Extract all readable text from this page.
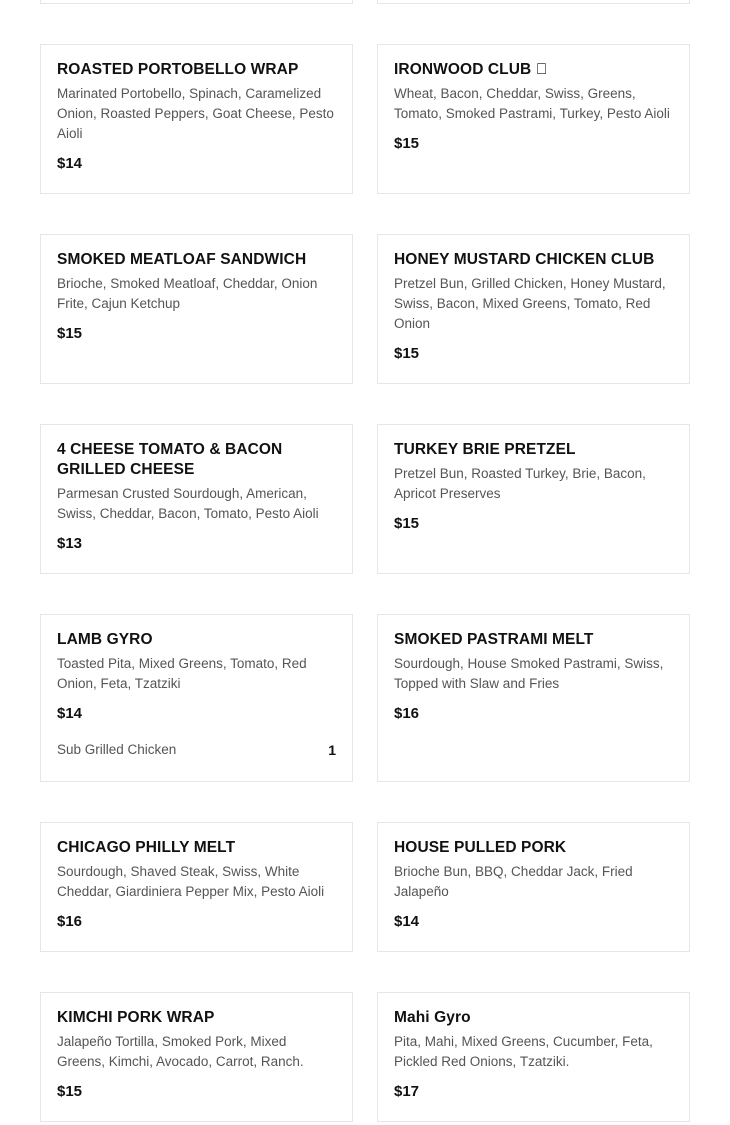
ROASTED PORTOBELLO WRAP

Marinated Portobello, Spinach, Caramelized Onion, Roasted Peppers, Goat Cheese, Pesto Aioli

$14
IRONWOOD CLUB

Wheat, Bacon, Cheddar, Swiss, Greens, Tomato, Smoked Pastrami, Turkey, Pesto Aioli

$15
SMOKED MEATLOAF SANDWICH

Brioche, Smoked Meatloaf, Cheddar, Onion Frite, Cajun Ketchup

$15
HONEY MUSTARD CHICKEN CLUB

Pretzel Bun, Grilled Chicken, Honey Mustard, Swiss, Bacon, Mixed Greens, Tomato, Red Onion

$15
4 CHEESE TOMATO & BACON GRILLED CHEESE

Parmesan Crusted Sourdough, American, Swiss, Cheddar, Bacon, Tomato, Pesto Aioli

$13
TURKEY BRIE PRETZEL

Pretzel Bun, Roasted Turkey, Brie, Bacon, Apricot Preserves

$15
LAMB GYRO

Toasted Pita, Mixed Greens, Tomato, Red Onion, Feta, Tzatziki

$14
Sub Grilled Chicken	1
SMOKED PASTRAMI MELT

Sourdough, House Smoked Pastrami, Swiss, Topped with Slaw and Fries

$16
CHICAGO PHILLY MELT

Sourdough, Shaved Steak, Swiss, White Cheddar, Giardiniera Pepper Mix, Pesto Aioli

$16
HOUSE PULLED PORK

Brioche Bun, BBQ, Cheddar Jack, Fried Jalapeño

$14
KIMCHI PORK WRAP

Jalapeño Tortilla, Smoked Pork, Mixed Greens, Kimchi, Avocado, Carrot, Ranch.

$15
Mahi Gyro

Pita, Mahi, Mixed Greens, Cucumber, Feta, Pickled Red Onions, Tzatziki.

$17
